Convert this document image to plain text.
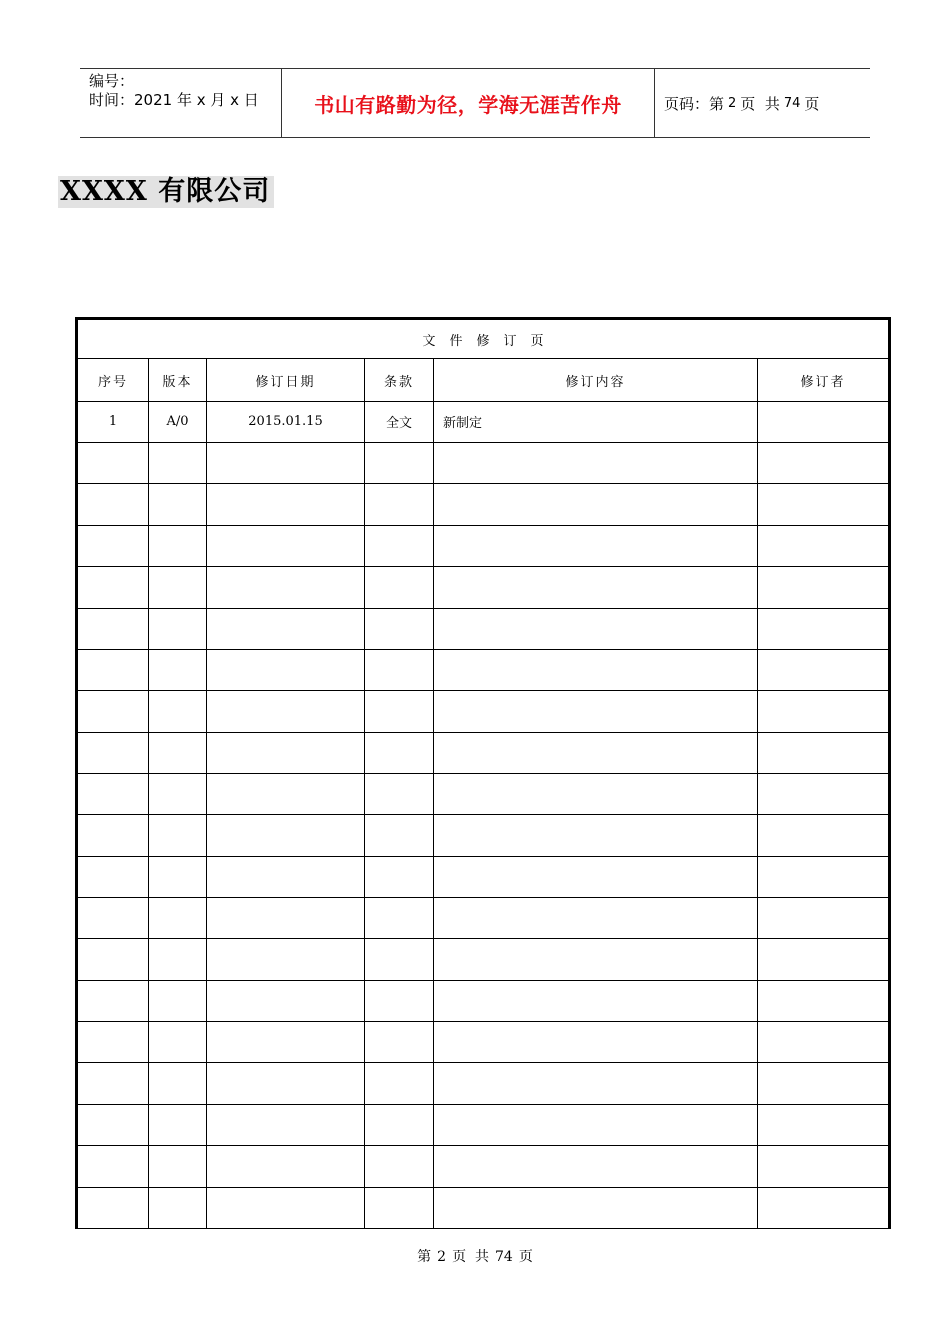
编号：
时间：2021 年 x 月 x 日	书山有路勤为径，学海无涯苦作舟	页码：第 2 页  共 74 页
XXXX 有限公司
文件修订页					
序号	版本	修订日期	条款	修订内容	修订者
1	A/0	2015.01.15	全文	新制定	

第 2 页  共 74 页
